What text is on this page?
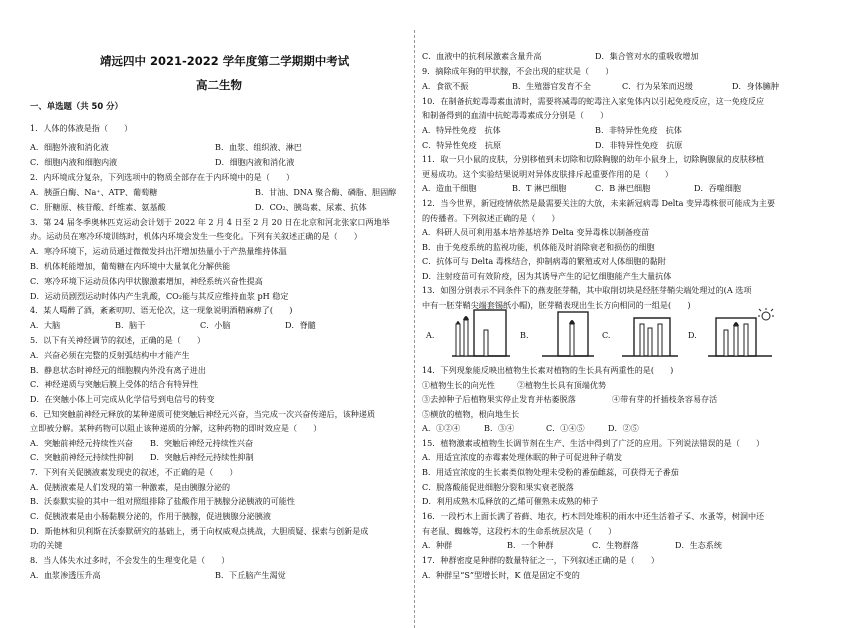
靖远四中 2021-2022 学年度第二学期期中考试
高二生物
一、单选题（共 50 分）
1．人体的体液是指（　　）
A．细胞外液和消化液	B．血浆、组织液、淋巴
C．细胞内液和细胞内液	D．细胞内液和消化液
2．内环境成分复杂，下列选项中的物质全部存在于内环境中的是（　　）
A．胰蛋白酶、Na⁺、ATP、葡萄糖	B．甘油、DNA 聚合酶、磷脂、胆固醇
C．肝糖原、核苷酸、纤维素、氨基酸	D．CO₂、胰岛素、尿素、抗体
3．第 24 届冬季奥林匹克运动会计划于 2022 年 2 月 4 日至 2 月 20 日在北京和河北张家口两地举
办。运动员在寒冷环境训练时，机体内环境会发生一些变化。下列有关叙述正确的是（　　）
A．寒冷环境下，运动员通过微微发抖出汗增加热量小于产热量维持体温
B．机体耗能增加，葡萄糖在内环境中大量氧化分解供能
C．寒冷环境下运动员体内甲状腺激素增加，神经系统兴奋性提高
D．运动员剧烈运动时体内产生乳酸，CO₂能与其反应维持血浆 pH 稳定
4．某人喝醉了酒，紊紊叨叨、语无伦次，这一现象说明酒精麻痹了(　　)
A．大脑	B．脑干	C．小脑	D．脊髓
5．以下有关神经调节的叙述，正确的是（　　）
A．兴奋必须在完整的反射弧结构中才能产生
B．静息状态时神经元的细胞膜内外没有离子进出
C．神经递质与突触后膜上受体的结合有特异性
D．在突触小体上可完成从化学信号到电信号的转变
6．已知突触前神经元释放的某种递质可使突触后神经元兴奋，当完成一次兴奋传递后，该种递质
立即被分解。某种药物可以阻止该种递质的分解，这种药物的即时效应是（　　）
A．突触前神经元持续性兴奋 B．突触后神经元持续性兴奋
C．突触前神经元持续性抑制 D．突触后神经元持续性抑制
7．下列有关促胰液素发现史的叙述，不正确的是（　　）
A．促胰液素是人们发现的第一种激素，是由胰腺分泌的
B．沃泰默实验的其中一组对照组排除了盐酸作用于胰腺分泌胰液的可能性
C．促胰液素是由小肠黏膜分泌的，作用于胰腺，促进胰腺分泌胰液
D．斯他林和贝利斯在沃泰默研究的基础上，勇于向权威观点挑战，大胆质疑、探索与创新是成
功的关键
8．当人体失水过多时，不会发生的生理变化是（　　）
A．血浆渗透压升高	B．下丘脑产生渴觉
C．血液中的抗利尿激素含量升高	D．集合管对水的重吸收增加
9．摘除成年狗的甲状腺，不会出现的症状是（　　）
A．食欲不振	B．生殖器官发育不全	C．行为呆笨而迟缓	D．身体臃肿
10．在制备抗蛇毒毒素血清时，需要将减毒的蛇毒注入家兔体内以引起免疫反应，这一免疫反应
和制备得到的血清中抗蛇毒毒素成分分别是（　　）
A．特异性免疫　抗体	B．非特异性免疫　抗体
C．特异性免疫　抗原	D．非特异性免疫　抗原
11．取一只小鼠的皮肤，分别移植到未切除和切除胸腺的幼年小鼠身上，切除胸腺鼠的皮肤移植
更易成功。这个实验结果说明对异体皮肤排斥起重要作用的是（　　）
A．造血干细胞	B．T 淋巴细胞	C．B 淋巴细胞	D．吞噬细胞
12．当今世界，新冠疫情依然是最需要关注的大放，未来新冠病毒 Delta 变异毒株很可能成为主要
的传播者。下列叙述正确的是（　　）
A．科研人员可利用基本培养基培养 Delta 变异毒株以制备疫苗
B．由于免疫系统的监视功能，机体能及时消除衰老和损伤的细胞
C．抗体可与 Delta 毒株结合，抑制病毒的繁殖或对人体细胞的黏附
D．注射疫苗可有效阶疫，因为其诱导产生的记忆细胞能产生大量抗体
13．如图分别表示不同条件下的燕麦胚芽鞘，其中取削切块是经胚芽鞘尖端处理过的(A 选项
中有一胚芽鞘尖端套锡纸小帽)，胚芽鞘表现出生长方向相同的一组是(　　)
14．下列现象能反映出植物生长素对植物的生长具有两重性的是(　　)
①植物生长的向光性	②植物生长具有顶端优势
③去掉种子后植物果实停止发育并枯萎脱落	④带有芽的扦插枝条容易存活
⑤横放的植物，根向地生长
A．①②④	B．③④	C．①④⑤	D．②⑤
15．植物激素或植物生长调节剂在生产、生活中得到了广泛的应用。下列说法错误的是（　　）
A．用适宜浓度的赤霉素处理休眠的种子可促进种子萌发
B．用适宜浓度的生长素类似物处理未受粉的番茄雌蕊，可获得无子番茄
C．脱落酸能促进细胞分裂和果实衰老脱落
D．利用成熟木瓜释放的乙烯可催熟未成熟的柿子
16．一段朽木上面长满了苔藓、地衣，朽木凹处堆积的雨水中还生活着孑孓、水蚤等，树洞中还
有老鼠、蜘蛛等，这段朽木的生命系统层次是（　　）
A．种群	B．一个种群	C．生物群落	D．生态系统
17．种群密度是种群的数量特征之一，下列叙述正确的是（　　）
A．种群呈“S”型增长时，K 值是固定不变的
A.	B.	C.	D.
